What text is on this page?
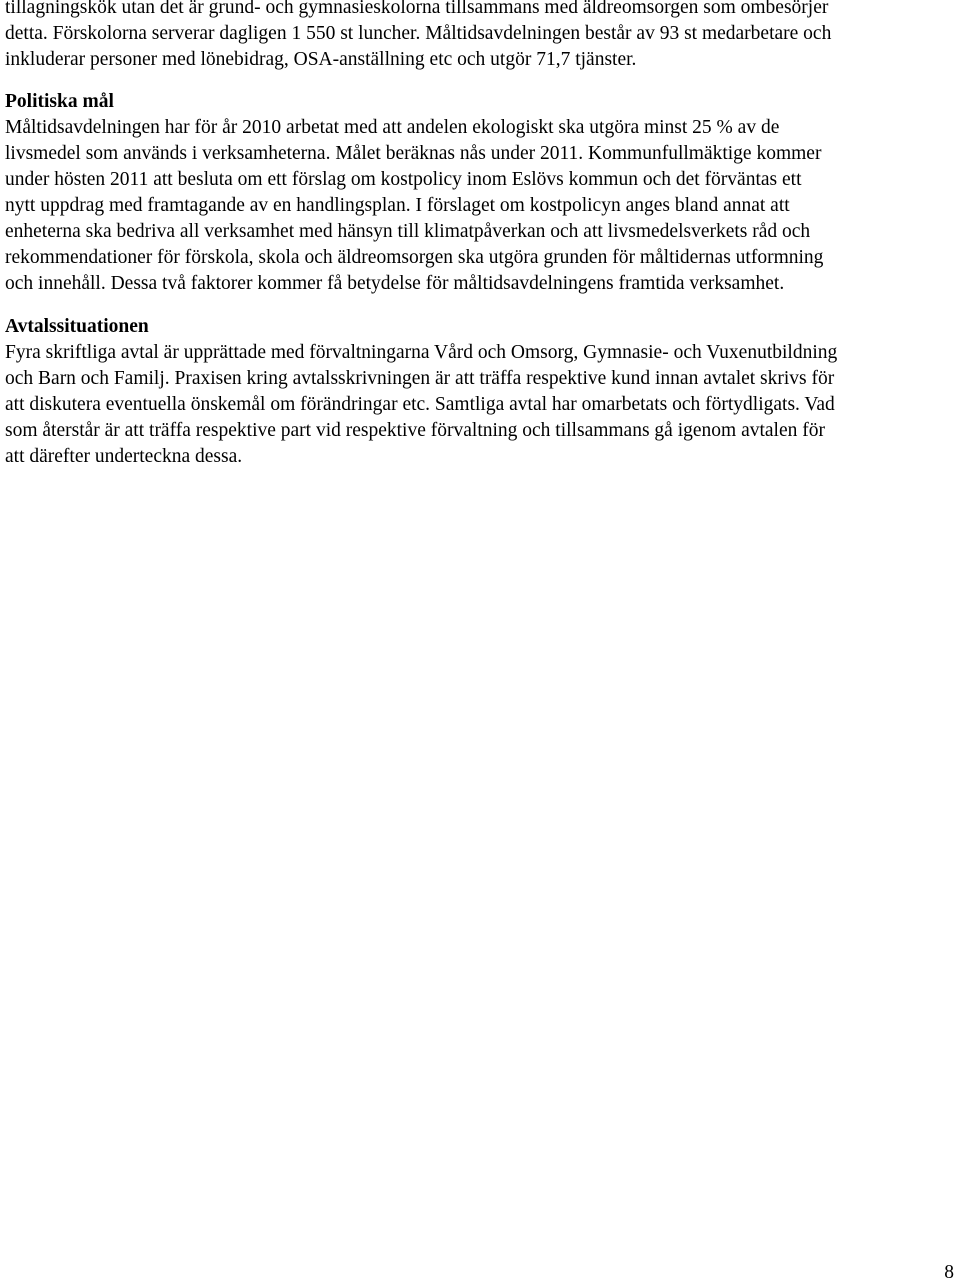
tillagningskök utan det är grund- och gymnasieskolorna tillsammans med äldreomsorgen som ombesörjer

detta. Förskolorna serverar dagligen 1 550 st luncher. Måltidsavdelningen består av 93 st medarbetare och

inkluderar personer med lönebidrag, OSA-anställning etc och utgör 71,7 tjänster.

Politiska mål

Måltidsavdelningen har för år 2010 arbetat med att andelen ekologiskt ska utgöra minst 25 % av de

livsmedel som används i verksamheterna. Målet beräknas nås under 2011. Kommunfullmäktige kommer

under hösten 2011 att besluta om ett förslag om kostpolicy inom Eslövs kommun och det förväntas ett

nytt uppdrag med framtagande av en handlingsplan. I förslaget om kostpolicyn anges bland annat att

enheterna ska bedriva all verksamhet med hänsyn till klimatpåverkan och att livsmedelsverkets råd och

rekommendationer för förskola, skola och äldreomsorgen ska utgöra grunden för måltidernas utformning

och innehåll. Dessa två faktorer kommer få betydelse för måltidsavdelningens framtida verksamhet.

Avtalssituationen

Fyra skriftliga avtal är upprättade med förvaltningarna Vård och Omsorg, Gymnasie- och Vuxenutbildning

och Barn och Familj. Praxisen kring avtalsskrivningen är att träffa respektive kund innan avtalet skrivs för

att diskutera eventuella önskemål om förändringar etc. Samtliga avtal har omarbetats och förtydligats. Vad

som återstår är att träffa respektive part vid respektive förvaltning och tillsammans gå igenom avtalen för

att därefter underteckna dessa.

8
